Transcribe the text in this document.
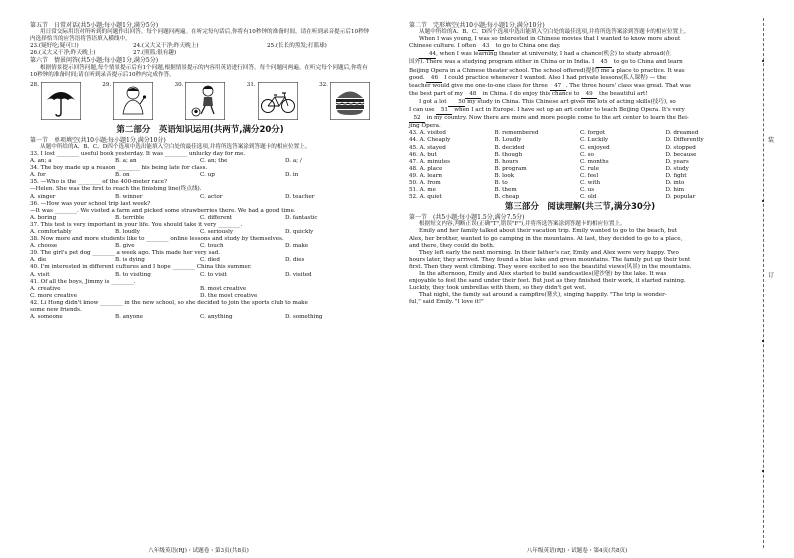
第五节　日常对话(共5小题;每小题1分,满分5分)
用日常交际用语对所听到的问题作出回答。每个问题问两遍。在听完每句话后,你将有10秒钟的准备时间。请在听到录音提示后10秒钟内选择恰当的应答语将答语填入横线中。
23.(疑好吃;疑可口)	24.(又大又干净;昨天晚上)	25.(长长的黑发;打篮球)
26.(又大又干净;昨天晚上)	27.(照篮;很有趣)
第六节　情景问答(共5小题;每小题1分,满分5分)
根据情景提示回答问题,每个情景提示后有1个问题,根据情景提示的内容用英语进行回答。每个问题问两遍。在听完每个问题后,你将有10秒钟的准备时间;请在听到录音提示后10秒内完成作答。
28.	29.	30.	31.	32.
第二部分　英语知识运用(共两节,满分20分)
第一节　单项填空(共10小题;每小题1分,满分10分)
从题中所给的A、B、C、D四个选项中选出能填入空白处的最佳选项,并将所选答案涂到答题卡的相应位置上。
33. I lost ________ useful book yesterday. It was ________ unlucky day for me.
A. an; a	B. a; an	C. an; the	D. a; /
34. The boy made up a reason ________ his being late for class.
A. for	B. on	C. up	D. in
35. —Who is the ________ of the 400-meter race?
—Helen. She was the first to reach the finishing line(终点线).
A. singer	B. winner	C. actor	D. teacher
36. —How was your school trip last week?
—It was ________. We visited a farm and picked some strawberries there. We had a good time.
A. boring	B. terrible	C. different	D. fantastic
37. This test is very important in your life. You should take it very ________.
A. comfortably	B. loudly	C. seriously	D. quickly
38. Now more and more students like to ________ online lessons and study by themselves.
A. choose	B. give	C. touch	D. make
39. The girl's pet dog ________ a week ago. This made her very sad.
A. die	B. is dying	C. died	D. dies
40. I'm interested in different cultures and I hope ________ China this summer.
A. visit	B. to visiting	C. to visit	D. visited
41. Of all the boys, Jimmy is ________.
A. creative	B. most creative
C. more creative	D. the most creative
42. Li Hong didn't know ________ in the new school, so she decided to join the sports club to make
some new friends.
A. someone	B. anyone	C. anything	D. something
八年级英语(RJ)・试题卷・第3页(共8页)
第二节　完形填空(共10小题;每小题1分,满分10分)
从题中所给的A、B、C、D四个选项中选出能填入空白处的最佳选项,并将所选答案涂到答题卡的相应位置上。
When I was young, I was so interested in Chinese movies that I wanted to know more about
Chinese culture. I often 43 to go to China one day.
44, when I was learning theater at university, I had a chance(机会) to study abroad(在
国外). There was a studying program either in China or in India. I 45 to go to China and learn
Beijing Opera in a Chinese theater school. The school offered(提供) me a place to practice. It was
good. 46 I could practice whenever I wanted. Also I had private lessons(私人课程) — the
teacher would give me one-to-one class for three 47 . The three hours' class was great. That was
the best part of my 48 in China. I do enjoy this chance to 49 the beautiful art!
I got a lot 50 my study in China. This Chinese art gives me lots of acting skills(技巧), so
I can use 51 when I act in Europe. I have set up an art center to teach Beijing Opera. It's very
52 in my country. Now there are more and more people come to the art center to learn the Bei-
jing Opera.
43. A. visited	B. remembered	C. forgot	D. dreamed
44. A. Cheaply	B. Loudly	C. Luckily	D. Differently
45. A. stayed	B. decided	C. enjoyed	D. stopped
46. A. but	B. though	C. so	D. because
47. A. minutes	B. hours	C. months	D. years
48. A. place	B. program	C. rule	D. study
49. A. learn	B. look	C. feel	D. fight
50. A. from	B. to	C. with	D. into
51. A. me	B. them	C. us	D. him
52. A. quiet	B. cheap	C. old	D. popular
第三部分　阅读理解(共三节,满分30分)
第一节　(共5小题;每小题1.5分,满分7.5分)
根据短文内容,判断正误(正确"T",错误"F"),并将所选答案涂到答题卡的相应位置上。
Emily and her family talked about their vacation trip. Emily wanted to go to the beach, but
Alex, her brother, wanted to go camping in the mountains. At last, they decided to go to a place,
and there, they could do both.
They left early the next morning. In their father's car, Emily and Alex were very happy. Two
hours later, they arrived. They found a blue lake and green mountains. The family put up their tent
first. Then they went climbing. They were excited to see the beautiful views(风景) in the mountains.
In the afternoon, Emily and Alex started to build sandcastles(建沙堡) by the lake. It was
enjoyable to feel the sand under their feet. But just as they finished their work, it started raining.
Luckily, they took umbrellas with them, so they didn't get wet.
That night, the family sat around a campfire(篝火), singing happily. "The trip is wonder-
ful," said Emily. "I love it!"
装
订
八年级英语(RJ)・试题卷・第4页(共8页)
